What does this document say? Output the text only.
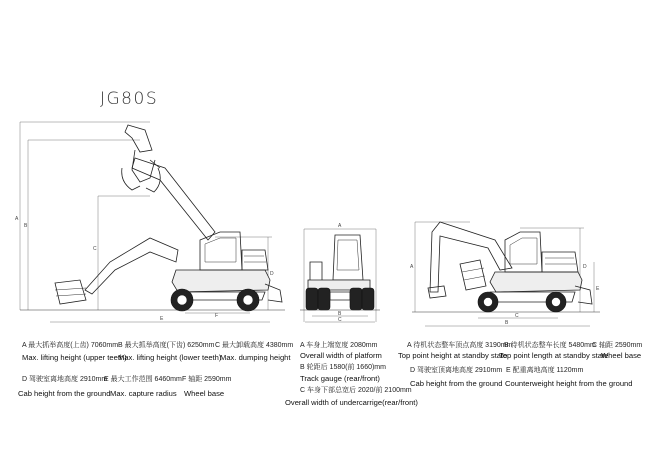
JG80S
A
B
C
D
E	F
A
B
C
A	D
E
B
C
A 最大抓举高度(上齿) 7060mm
Max. lifting height (upper teeth)
B 最大抓举高度(下齿) 6250mm
Max. lifting height (lower teeth)
C 最大卸载高度 4380mm
Max. dumping height
D 驾驶室离地高度 2910mm
Cab height from the ground
E 最大工作范围 6460mm
Max. capture radius
F 轴距 2590mm
Wheel base
A 车身上端宽度 2080mm
Overall width of platform
B 轮距后 1580(前 1660)mm
Track gauge (rear/front)
C 车身下部总宽后 2020/前 2100mm
Overall width of undercarrige(rear/front)
A 待机状态整车顶点高度 3190mm
Top point height at standby state
B 待机状态整车长度 5480mm
Top point length at standby state
C 轴距 2590mm
Wheel base
D 驾驶室顶离地高度 2910mm
Cab height from the ground
E 配重离地高度 1120mm
Counterweight height from the ground
